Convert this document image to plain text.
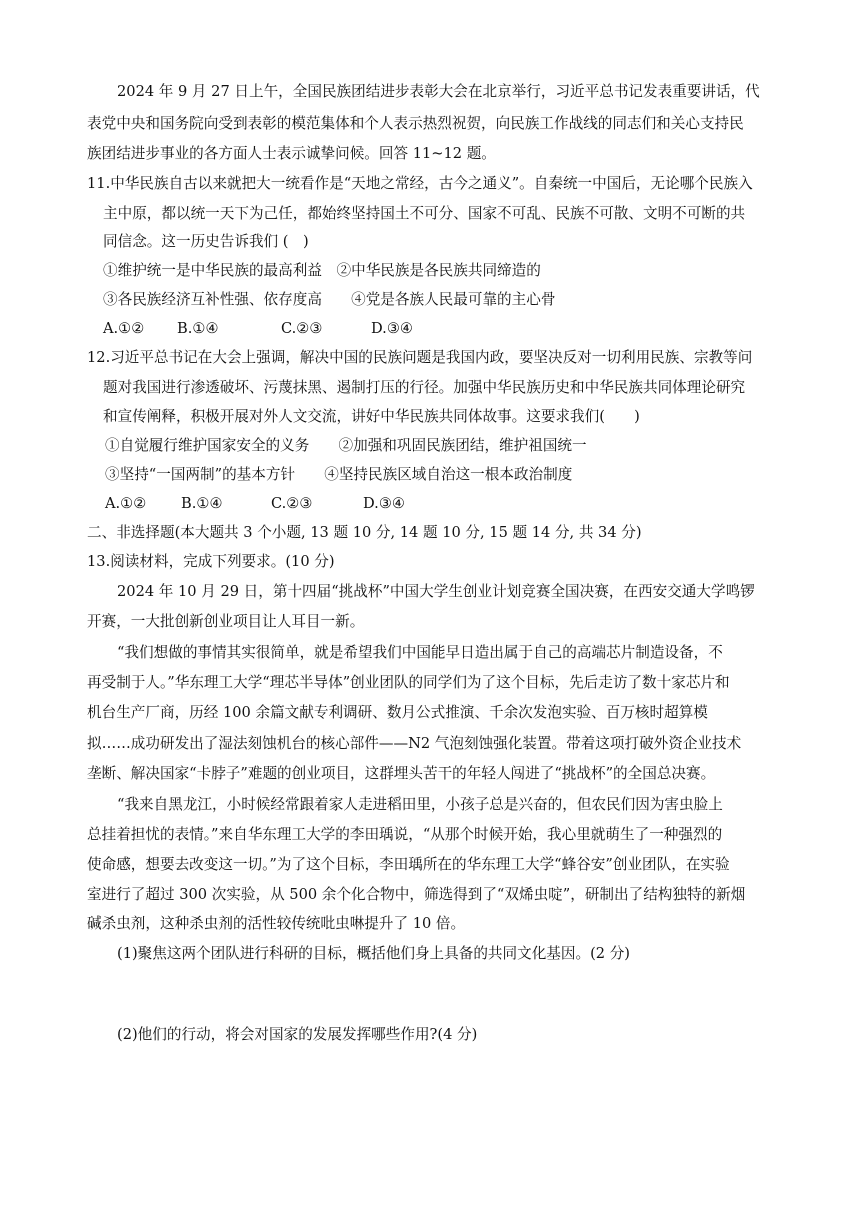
2024 年 9 月 27 日上午，全国民族团结进步表彰大会在北京举行，习近平总书记发表重要讲话，代
表党中央和国务院向受到表彰的模范集体和个人表示热烈祝贺，向民族工作战线的同志们和关心支持民
族团结进步事业的各方面人士表示诚挚问候。回答 11~12 题。
11.中华民族自古以来就把大一统看作是“天地之常经，古今之通义”。自秦统一中国后，无论哪个民族入
主中原，都以统一天下为己任，都始终坚持国土不可分、国家不可乱、民族不可散、文明不可断的共
同信念。这一历史告诉我们 (　)
①维护统一是中华民族的最高利益　②中华民族是各民族共同缔造的
③各民族经济互补性强、依存度高　　④党是各族人民最可靠的主心骨
A.①② B.①④	C.②③	D.③④
12.习近平总书记在大会上强调，解决中国的民族问题是我国内政，要坚决反对一切利用民族、宗教等问
题对我国进行渗透破坏、污蔑抹黑、遏制打压的行径。加强中华民族历史和中华民族共同体理论研究
和宣传阐释，积极开展对外人文交流，讲好中华民族共同体故事。这要求我们(　　)
①自觉履行维护国家安全的义务　　②加强和巩固民族团结，维护祖国统一
③坚持“一国两制”的基本方针　　④坚持民族区域自治这一根本政治制度
A.①② B.①④	C.②③	D.③④
二、非选择题(本大题共 3 个小题, 13 题 10 分, 14 题 10 分, 15 题 14 分, 共 34 分)
13.阅读材料，完成下列要求。(10 分)
2024 年 10 月 29 日，第十四届“挑战杯”中国大学生创业计划竞赛全国决赛，在西安交通大学鸣锣
开赛，一大批创新创业项目让人耳目一新。
“我们想做的事情其实很简单，就是希望我们中国能早日造出属于自己的高端芯片制造设备，不
再受制于人。”华东理工大学“理芯半导体”创业团队的同学们为了这个目标，先后走访了数十家芯片和
机台生产厂商，历经 100 余篇文献专利调研、数月公式推演、千余次发泡实验、百万核时超算模
拟……成功研发出了湿法刻蚀机台的核心部件——N2 气泡刻蚀强化装置。带着这项打破外资企业技术
垄断、解决国家“卡脖子”难题的创业项目，这群埋头苦干的年轻人闯进了“挑战杯”的全国总决赛。
“我来自黑龙江，小时候经常跟着家人走进稻田里，小孩子总是兴奋的，但农民们因为害虫脸上
总挂着担忧的表情。”来自华东理工大学的李田瑀说，“从那个时候开始，我心里就萌生了一种强烈的
使命感，想要去改变这一切。”为了这个目标，李田瑀所在的华东理工大学“蜂谷安”创业团队，在实验
室进行了超过 300 次实验，从 500 余个化合物中，筛选得到了“双烯虫啶”，研制出了结构独特的新烟
碱杀虫剂，这种杀虫剂的活性较传统吡虫啉提升了 10 倍。
(1)聚焦这两个团队进行科研的目标，概括他们身上具备的共同文化基因。(2 分)
(2)他们的行动，将会对国家的发展发挥哪些作用?(4 分)
